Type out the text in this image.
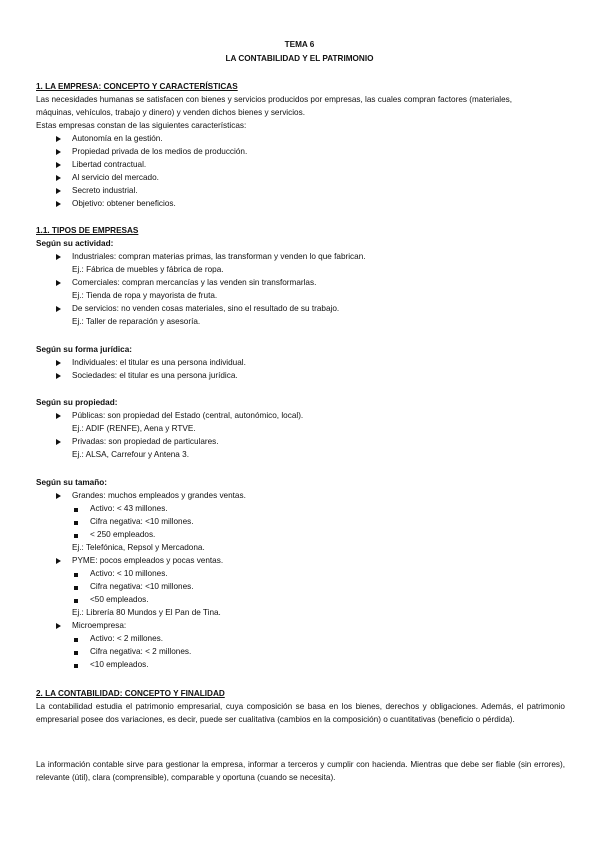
TEMA 6
LA CONTABILIDAD Y EL PATRIMONIO
1. LA EMPRESA: CONCEPTO Y CARACTERÍSTICAS
Las necesidades humanas se satisfacen con bienes y servicios producidos por empresas, las cuales compran factores (materiales,
máquinas, vehículos, trabajo y dinero) y venden dichos bienes y servicios.
Estas empresas constan de las siguientes características:
Autonomía en la gestión.
Propiedad privada de los medios de producción.
Libertad contractual.
Al servicio del mercado.
Secreto industrial.
Objetivo: obtener beneficios.
1.1. TIPOS DE EMPRESAS
Según su actividad:
Industriales: compran materias primas, las transforman y venden lo que fabrican.
Ej.: Fábrica de muebles y fábrica de ropa.
Comerciales: compran mercancías y las venden sin transformarlas.
Ej.: Tienda de ropa y mayorista de fruta.
De servicios: no venden cosas materiales, sino el resultado de su trabajo.
Ej.: Taller de reparación y asesoría.
Según su forma jurídica:
Individuales: el titular es una persona individual.
Sociedades: el titular es una persona jurídica.
Según su propiedad:
Públicas: son propiedad del Estado (central, autonómico, local).
Ej.: ADIF (RENFE), Aena y RTVE.
Privadas: son propiedad de particulares.
Ej.: ALSA, Carrefour y Antena 3.
Según su tamaño:
Grandes: muchos empleados y grandes ventas.
Activo: < 43 millones.
Cifra negativa: <10 millones.
< 250 empleados.
Ej.: Telefónica, Repsol y Mercadona.
PYME: pocos empleados y pocas ventas.
Activo: < 10 millones.
Cifra negativa: <10 millones.
<50 empleados.
Ej.: Librería 80 Mundos y El Pan de Tina.
Microempresa:
Activo: < 2 millones.
Cifra negativa: < 2 millones.
<10 empleados.
2. LA CONTABILIDAD: CONCEPTO Y FINALIDAD
La contabilidad estudia el patrimonio empresarial, cuya composición se basa en los bienes, derechos y obligaciones. Además, el patrimonio empresarial posee dos variaciones, es decir, puede ser cualitativa (cambios en la composición) o cuantitativas (beneficio o pérdida).
La información contable sirve para gestionar la empresa, informar a terceros y cumplir con hacienda. Mientras que debe ser fiable (sin errores), relevante (útil), clara (comprensible), comparable y oportuna (cuando se necesita).
